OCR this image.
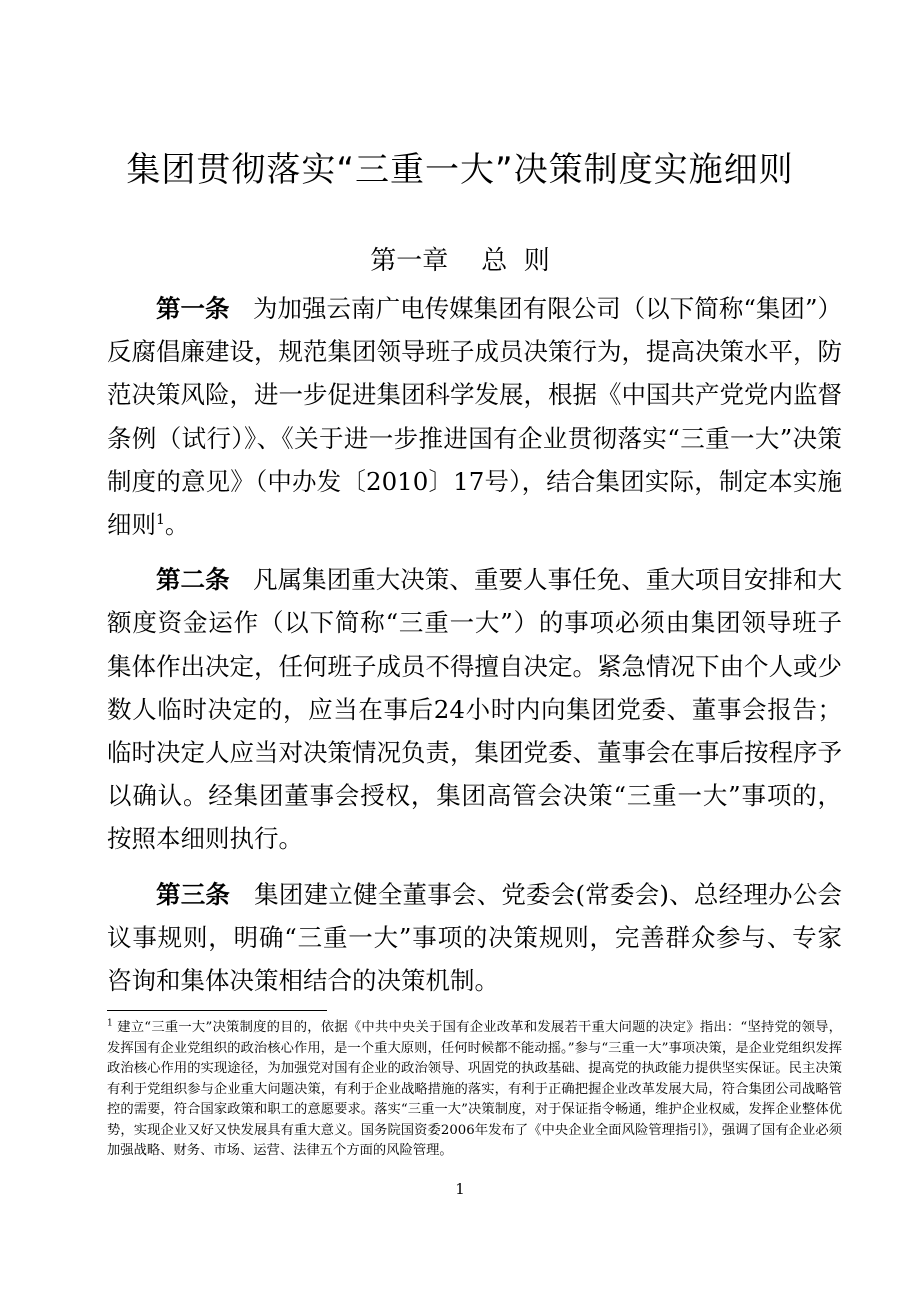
集团贯彻落实“三重一大”决策制度实施细则
第一章    总  则

第一条 为加强云南广电传媒集团有限公司（以下简称“集团”）反腐倡廉建设，规范集团领导班子成员决策行为，提高决策水平，防范决策风险，进一步促进集团科学发展，根据《中国共产党党内监督条例（试行）》、《关于进一步推进国有企业贯彻落实“三重一大”决策制度的意见》（中办发〔2010〕17号），结合集团实际，制定本实施细则$^1$。

第二条 凡属集团重大决策、重要人事任免、重大项目安排和大额度资金运作（以下简称“三重一大”）的事项必须由集团领导班子集体作出决定，任何班子成员不得擅自决定。紧急情况下由个人或少数人临时决定的，应当在事后24小时内向集团党委、董事会报告；临时决定人应当对决策情况负责，集团党委、董事会在事后按程序予以确认。经集团董事会授权，集团高管会决策“三重一大”事项的，按照本细则执行。

第三条 集团建立健全董事会、党委会(常委会)、总经理办公会议事规则，明确“三重一大”事项的决策规则，完善群众参与、专家咨询和集体决策相结合的决策机制。

$^1$ 建立“三重一大”决策制度的目的，依据《中共中央关于国有企业改革和发展若干重大问题的决定》指出：“坚持党的领导，发挥国有企业党组织的政治核心作用，是一个重大原则，任何时候都不能动摇。”参与“三重一大”事项决策，是企业党组织发挥政治核心作用的实现途径，为加强党对国有企业的政治领导、巩固党的执政基础、提高党的执政能力提供坚实保证。民主决策有利于党组织参与企业重大问题决策，有利于企业战略措施的落实，有利于正确把握企业改革发展大局，符合集团公司战略管控的需要，符合国家政策和职工的意愿要求。落实“三重一大”决策制度，对于保证指令畅通，维护企业权威，发挥企业整体优势，实现企业又好又快发展具有重大意义。国务院国资委2006年发布了《中央企业全面风险管理指引》，强调了国有企业必须加强战略、财务、市场、运营、法律五个方面的风险管理。
1
